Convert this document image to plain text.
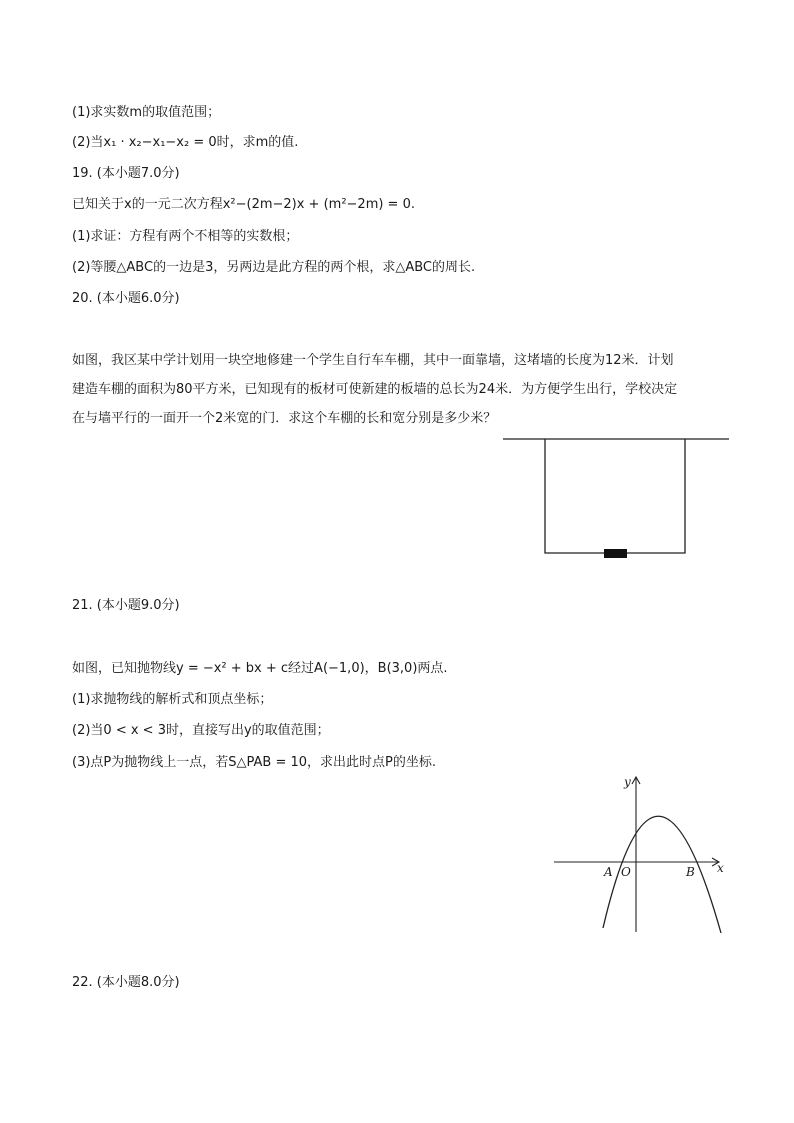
(1)求实数m的取值范围；
(2)当x₁ · x₂−x₁−x₂ = 0时，求m的值.
19. (本小题7.0分)
已知关于x的一元二次方程x²−(2m−2)x + (m²−2m) = 0.
(1)求证：方程有两个不相等的实数根；
(2)等腰△ABC的一边是3，另两边是此方程的两个根，求△ABC的周长.
20. (本小题6.0分)
如图，我区某中学计划用一块空地修建一个学生自行车车棚，其中一面靠墙，这堵墙的长度为12米．计划
建造车棚的面积为80平方米，已知现有的板材可使新建的板墙的总长为24米．为方便学生出行，学校决定
在与墙平行的一面开一个2米宽的门．求这个车棚的长和宽分别是多少米？
21. (本小题9.0分)
如图，已知抛物线y = −x² + bx + c经过A(−1,0)，B(3,0)两点.
(1)求抛物线的解析式和顶点坐标；
(2)当0 < x < 3时，直接写出y的取值范围；
(3)点P为抛物线上一点，若S△PAB = 10，求出此时点P的坐标.
y
x
A O	B
22. (本小题8.0分)
